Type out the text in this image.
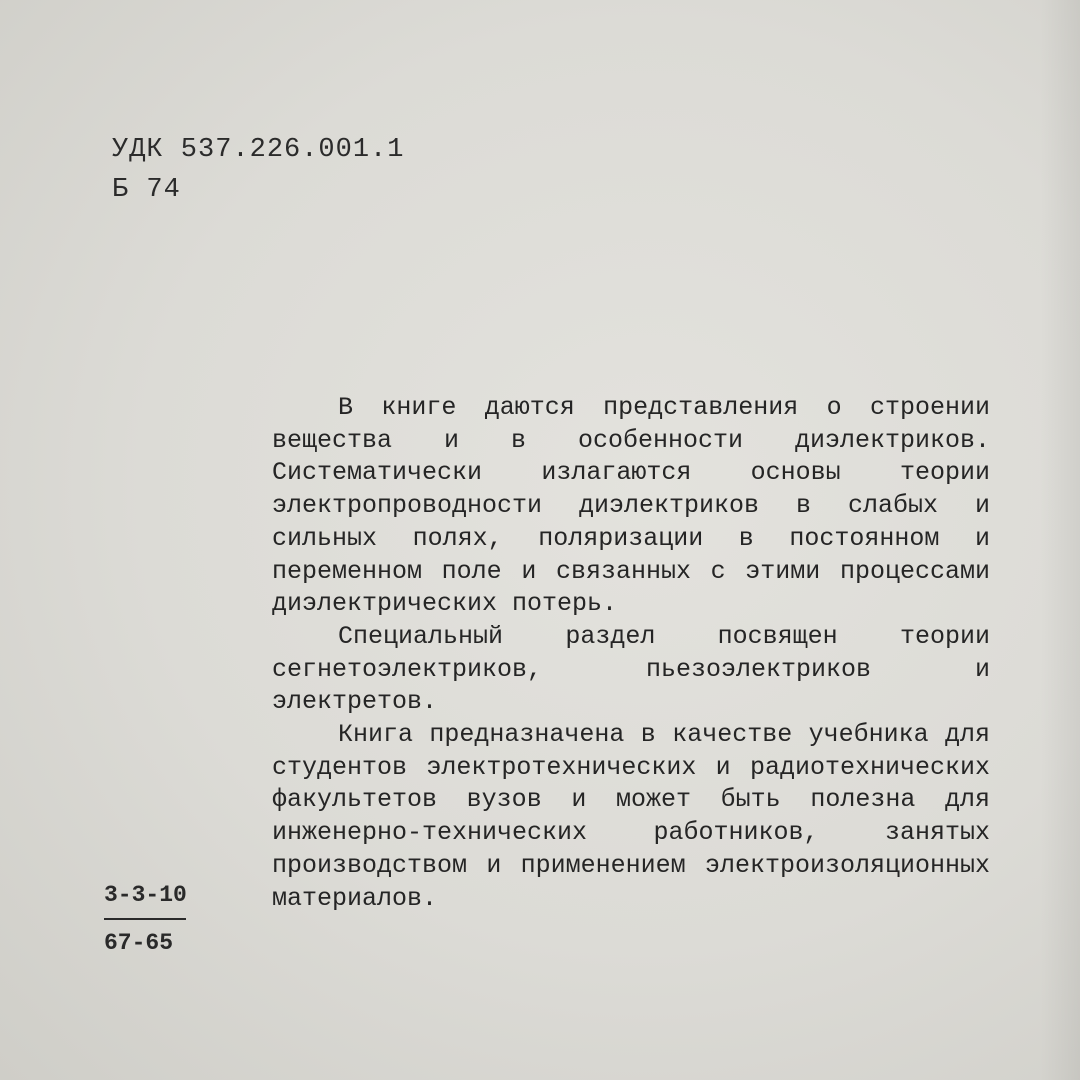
УДК 537.226.001.1
Б 74

В книге даются представления о строении вещества и в особенности диэлектриков. Систематически излагаются основы теории электропроводности диэлектриков в слабых и сильных полях, поляризации в постоянном и переменном поле и связанных с этими процессами диэлектрических потерь.

Специальный раздел посвящен теории сегнетоэлектриков, пьезоэлектриков и электретов.

Книга предназначена в качестве учебника для студентов электротехнических и радиотехнических факультетов вузов и может быть полезна для инженерно-технических работников, занятых производством и применением электроизоляционных материалов.

3-3-10
67-65
